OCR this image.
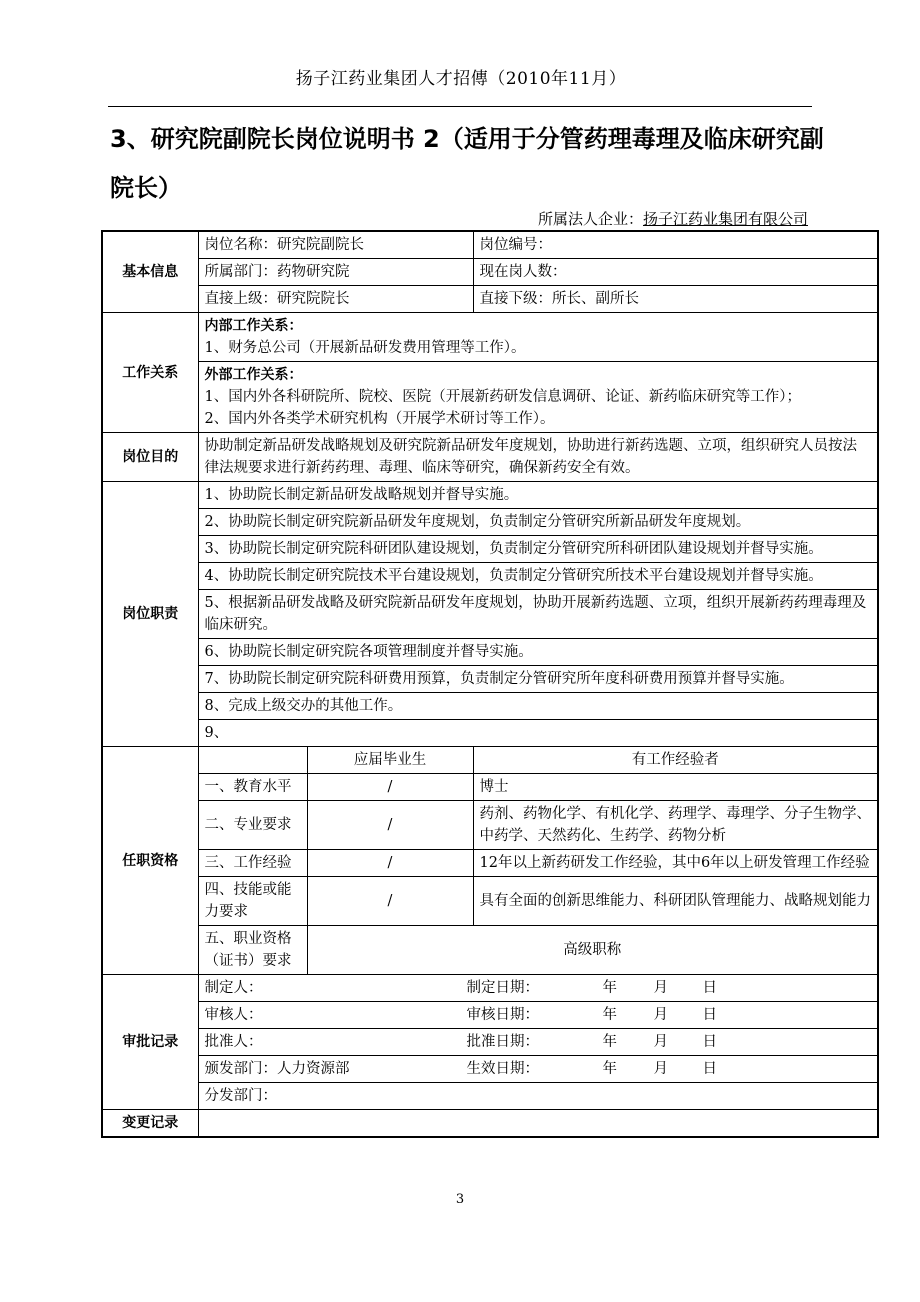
扬子江药业集团人才招傳（2010年11月）
3、研究院副院长岗位说明书 2（适用于分管药理毒理及临床研究副院长）
所属法人企业：扬子江药业集团有限公司
基本信息	岗位名称：研究院副院长		岗位编号：
	所属部门：药物研究院		现在岗人数：
	直接上级：研究院院长		直接下级：所长、副所长
工作关系	内部工作关系：
1、财务总公司（开展新品研发费用管理等工作）。		

	外部工作关系：
1、国内外各科研院所、院校、医院（开展新药研发信息调研、论证、新药临床研究等工作）；
2、国内外各类学术研究机构（开展学术研讨等工作）。		

岗位目的	协助制定新品研发战略规划及研究院新品研发年度规划，协助进行新药选题、立项，组织研究人员按法律法规要求进行新药药理、毒理、临床等研究，确保新药安全有效。		
岗位职责	1、协助院长制定新品研发战略规划并督导实施。		
	2、协助院长制定研究院新品研发年度规划，负责制定分管研究所新品研发年度规划。		
	3、协助院长制定研究院科研团队建设规划，负责制定分管研究所科研团队建设规划并督导实施。		
	4、协助院长制定研究院技术平台建设规划，负责制定分管研究所技术平台建设规划并督导实施。		
	5、根据新品研发战略及研究院新品研发年度规划，协助开展新药选题、立项，组织开展新药药理毒理及临床研究。		
	6、协助院长制定研究院各项管理制度并督导实施。		
	7、协助院长制定研究院科研费用预算，负责制定分管研究所年度科研费用预算并督导实施。		
	8、完成上级交办的其他工作。		
	9、		
任职资格		应届毕业生	有工作经验者
	一、教育水平	/	博士
	二、专业要求	/	药剂、药物化学、有机化学、药理学、毒理学、分子生物学、中药学、天然药化、生药学、药物分析
	三、工作经验	/	12年以上新药研发工作经验，其中6年以上研发管理工作经验
	四、技能或能力要求	/	具有全面的创新思维能力、科研团队管理能力、战略规划能力
	五、职业资格（证书）要求	高级职称	
审批记录	制定人： 制定日期： 年 月 日		

	审核人： 审核日期： 年 月 日		

	批准人： 批准日期： 年 月 日		

	颁发部门：人力资源部 生效日期： 年 月 日		

	分发部门：		
变更记录			
3
